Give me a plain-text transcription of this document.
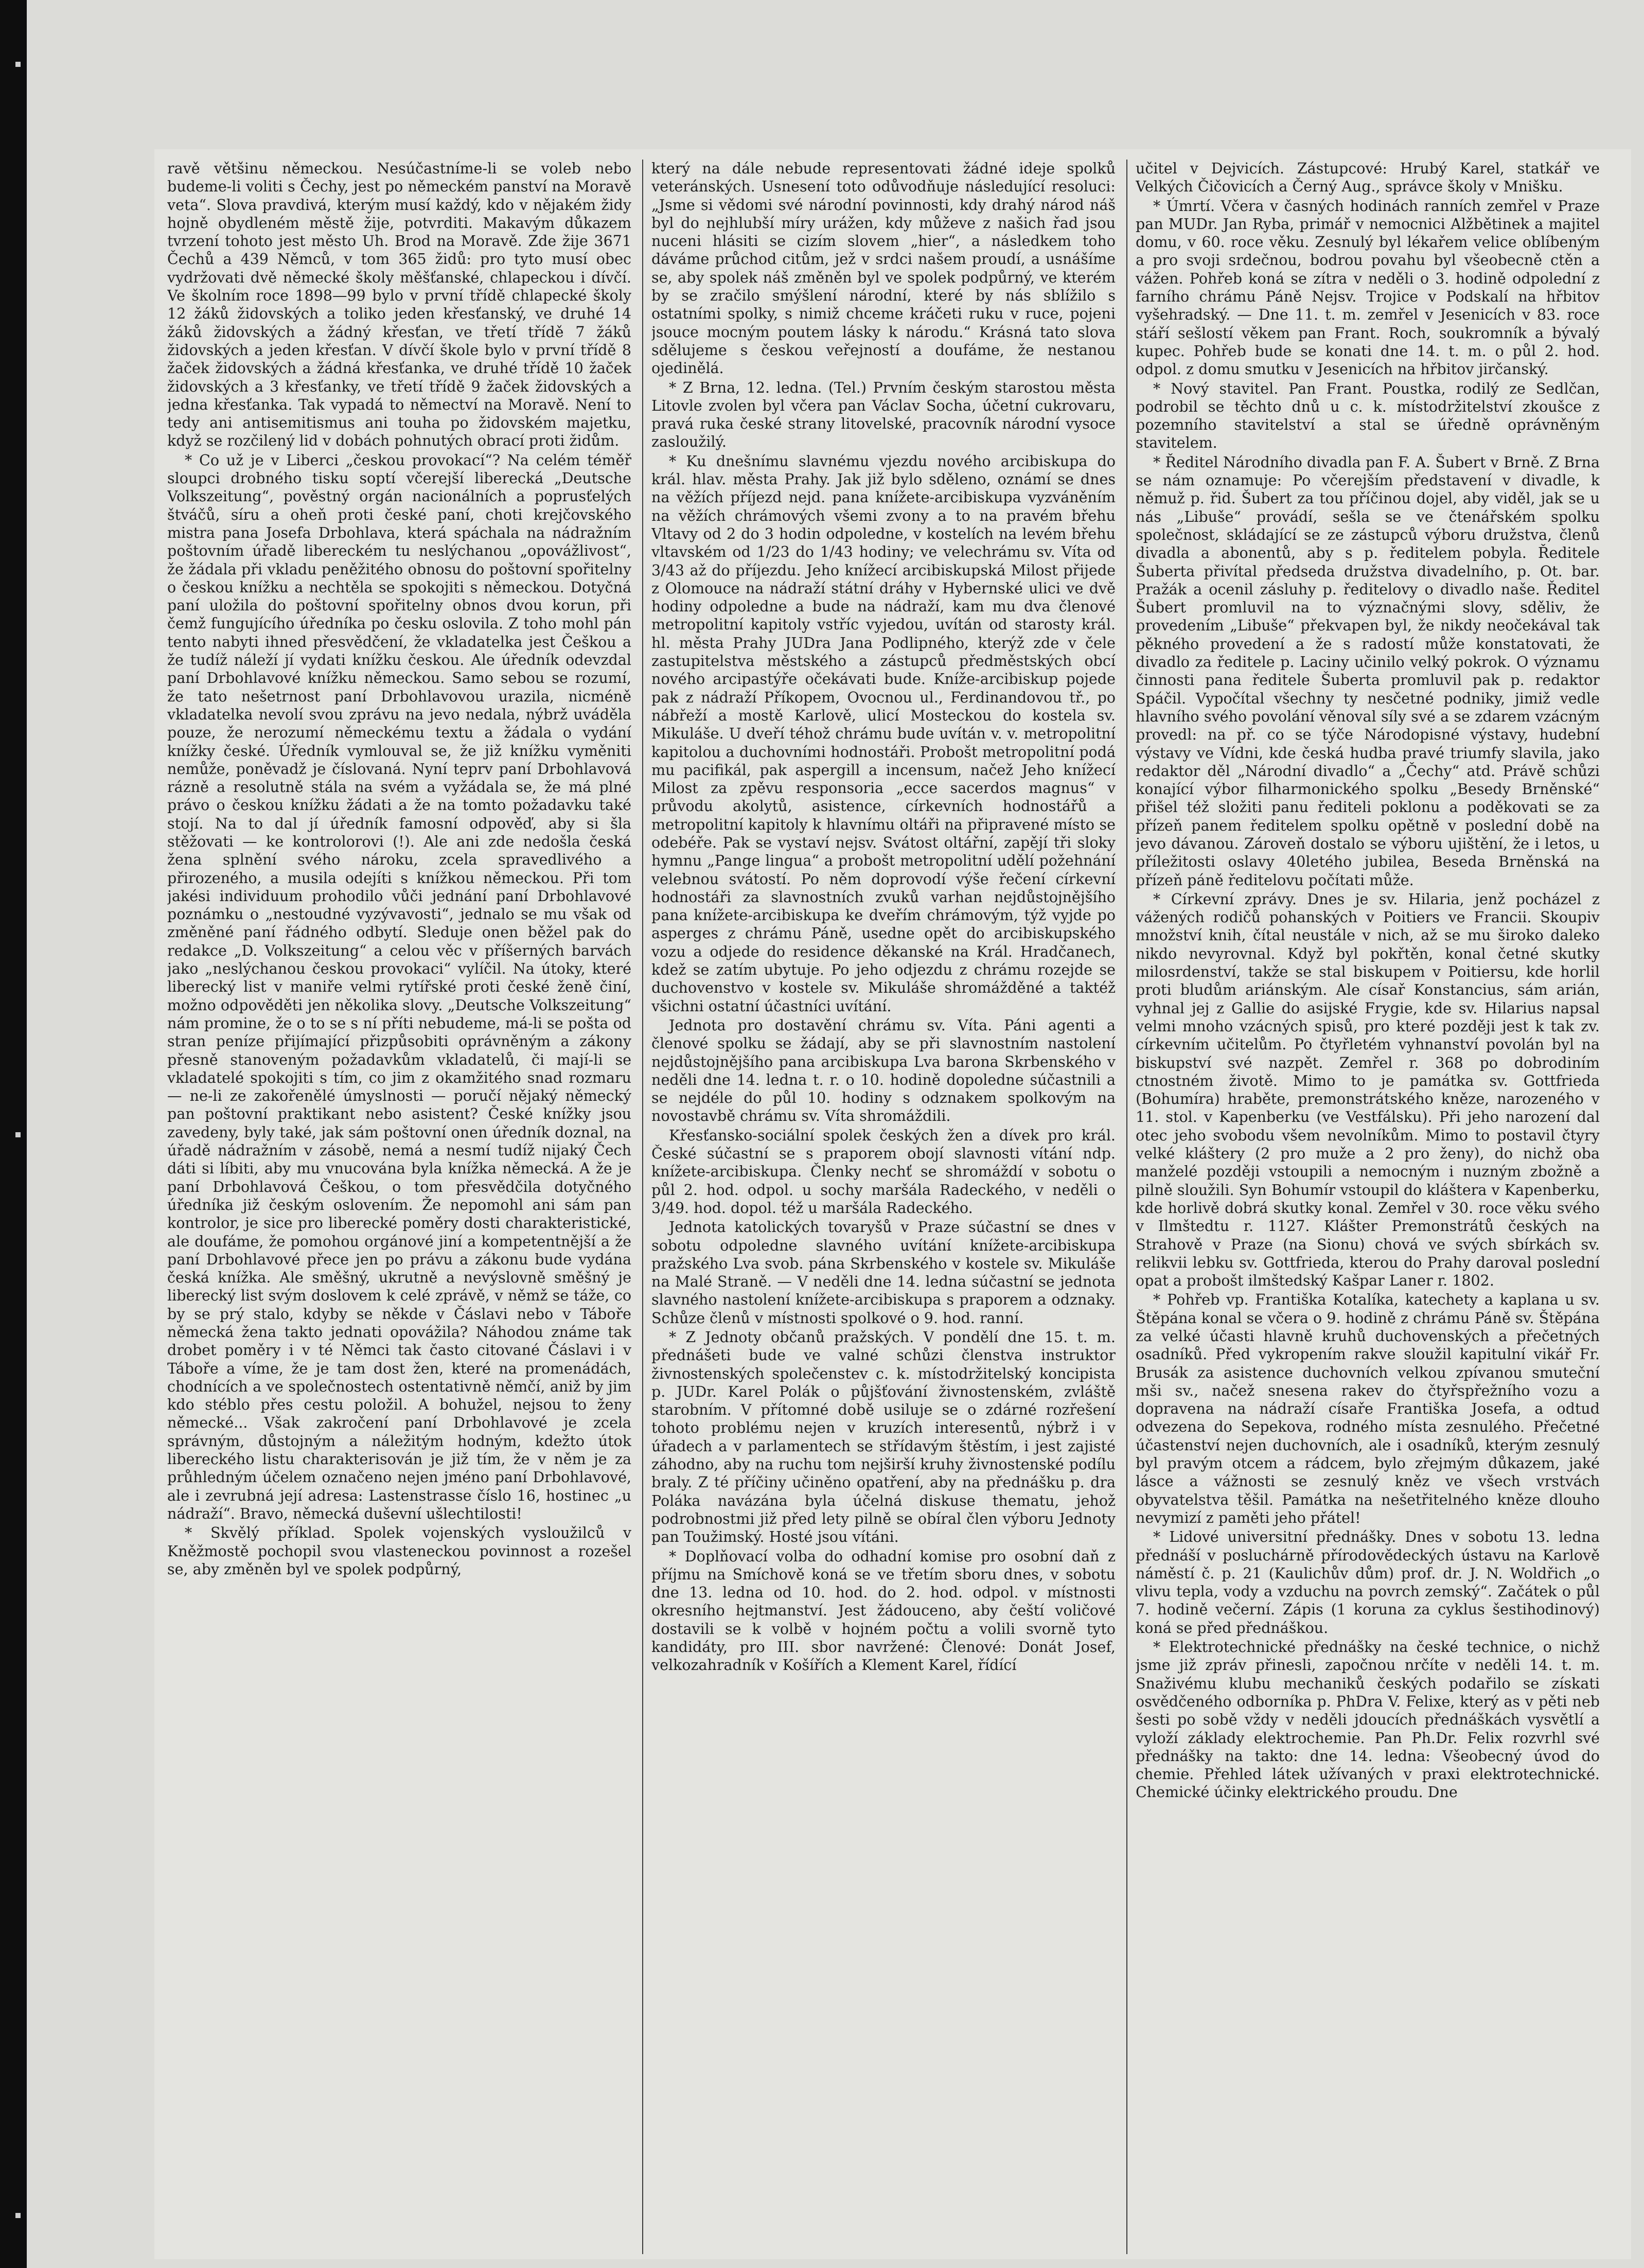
ravě většinu německou. Nesúčastníme-li se voleb nebo budeme-li voliti s Čechy, jest po německém panství na Moravě veta“. Slova pravdivá, kterým musí každý, kdo v nějakém židy hojně obydleném městě žije, potvrditi. Makavým důkazem tvrzení tohoto jest město Uh. Brod na Moravě. Zde žije 3671 Čechů a 439 Němců, v tom 365 židů: pro tyto musí obec vydržovati dvě německé školy měšťanské, chlapeckou i dívčí. Ve školním roce 1898—99 bylo v první třídě chlapecké školy 12 žáků židovských a toliko jeden křesťanský, ve druhé 14 žáků židovských a žádný křesťan, ve třetí třídě 7 žáků židovských a jeden křesťan. V dívčí škole bylo v první třídě 8 žaček židovských a žádná křesťanka, ve druhé třídě 10 žaček židovských a 3 křesťanky, ve třetí třídě 9 žaček židovských a jedna křesťanka. Tak vypadá to němectví na Moravě. Není to tedy ani antisemitismus ani touha po židovském majetku, když se rozčilený lid v dobách pohnutých obrací proti židům.

* Co už je v Liberci „českou provokací“? Na celém téměř sloupci drobného tisku soptí včerejší liberecká „Deutsche Volkszeitung“, pověstný orgán nacionálních a poprusťelých štváčů, síru a oheň proti české paní, choti krejčovského mistra pana Josefa Drbohlava, která spáchala na nádražním poštovním úřadě libereckém tu neslýchanou „opovážlivost“, že žádala při vkladu peněžitého obnosu do poštovní spořitelny o českou knížku a nechtěla se spokojiti s německou. Dotyčná paní uložila do poštovní spořitelny obnos dvou korun, při čemž fungujícího úředníka po česku oslovila. Z toho mohl pán tento nabyti ihned přesvědčení, že vkladatelka jest Češkou a že tudíž náleží jí vydati knížku českou. Ale úředník odevzdal paní Drbohlavové knížku německou. Samo sebou se rozumí, že tato nešetrnost paní Drbohlavovou urazila, nicméně vkladatelka nevolí svou zprávu na jevo nedala, nýbrž uváděla pouze, že nerozumí německému textu a žádala o vydání knížky české. Úředník vymlouval se, že již knížku vyměniti nemůže, poněvadž je číslovaná. Nyní teprv paní Drbohlavová rázně a resolutně stála na svém a vyžádala se, že má plné právo o českou knížku žádati a že na tomto požadavku také stojí. Na to dal jí úředník famosní odpověď, aby si šla stěžovati — ke kontrolorovi (!). Ale ani zde nedošla česká žena splnění svého nároku, zcela spravedlivého a přirozeného, a musila odejíti s knížkou německou. Při tom jakési individuum prohodilo vůči jednání paní Drbohlavové poznámku o „nestoudné vyzývavosti“, jednalo se mu však od změněné paní řádného odbytí. Sleduje onen běžel pak do redakce „D. Volkszeitung“ a celou věc v příšerných barvách jako „neslýchanou českou provokaci“ vylíčil. Na útoky, které liberecký list v maniře velmi rytířské proti české ženě činí, možno odpověděti jen několika slovy. „Deutsche Volkszeitung“ nám promine, že o to se s ní příti nebudeme, má-li se pošta od stran peníze přijímající přizpůsobiti oprávněným a zákony přesně stanoveným požadavkům vkladatelů, či mají-li se vkladatelé spokojiti s tím, co jim z okamžitého snad rozmaru — ne-li ze zakořenělé úmyslnosti — poručí nějaký německý pan poštovní praktikant nebo asistent? České knížky jsou zavedeny, byly také, jak sám poštovní onen úředník doznal, na úřadě nádražním v zásobě, nemá a nesmí tudíž nijaký Čech dáti si líbiti, aby mu vnucována byla knížka německá. A že je paní Drbohlavová Češkou, o tom přesvědčila dotyčného úředníka již českým oslovením. Že nepomohl ani sám pan kontrolor, je sice pro liberecké poměry dosti charakteristické, ale doufáme, že pomohou orgánové jiní a kompetentnější a že paní Drbohlavové přece jen po právu a zákonu bude vydána česká knížka. Ale směšný, ukrutně a nevýslovně směšný je liberecký list svým doslovem k celé zprávě, v němž se táže, co by se prý stalo, kdyby se někde v Čáslavi nebo v Táboře německá žena takto jednati opovážila? Náhodou známe tak drobet poměry i v té Němci tak často citované Čáslavi i v Táboře a víme, že je tam dost žen, které na promenádách, chodnících a ve společnostech ostentativně němčí, aniž by jim kdo stéblo přes cestu položil. A bohužel, nejsou to ženy německé... Však zakročení paní Drbohlavové je zcela správným, důstojným a náležitým hodným, kdežto útok libereckého listu charakterisován je již tím, že v něm je za průhledným účelem označeno nejen jméno paní Drbohlavové, ale i zevrubná její adresa: Lastenstrasse číslo 16, hostinec „u nádraží“. Bravo, německá duševní ušlechtilosti!

* Skvělý příklad. Spolek vojenských vysloužilců v Kněžmostě pochopil svou vlasteneckou povinnost a rozešel se, aby změněn byl ve spolek podpůrný,

který na dále nebude representovati žádné ideje spolků veteránských. Usnesení toto odůvodňuje následující resoluci: „Jsme si vědomi své národní povinnosti, kdy drahý národ náš byl do nejhlubší míry urážen, kdy můževe z našich řad jsou nuceni hlásiti se cizím slovem „hier“, a následkem toho dáváme průchod citům, jež v srdci našem proudí, a usnášíme se, aby spolek náš změněn byl ve spolek podpůrný, ve kterém by se zračilo smýšlení národní, které by nás sblížilo s ostatními spolky, s nimiž chceme kráčeti ruku v ruce, pojeni jsouce mocným poutem lásky k národu.“ Krásná tato slova sdělujeme s českou veřejností a doufáme, že nestanou ojedinělá.

* Z Brna, 12. ledna. (Tel.) Prvním českým starostou města Litovle zvolen byl včera pan Václav Socha, účetní cukrovaru, pravá ruka české strany litovelské, pracovník národní vysoce zasloužilý.

* Ku dnešnímu slavnému vjezdu nového arcibiskupa do král. hlav. města Prahy. Jak již bylo sděleno, oznámí se dnes na věžích příjezd nejd. pana knížete-arcibiskupa vyzváněním na věžích chrámových všemi zvony a to na pravém břehu Vltavy od 2 do 3 hodin odpoledne, v kostelích na levém břehu vltavském od 1/23 do 1/43 hodiny; ve velechrámu sv. Víta od 3/43 až do příjezdu. Jeho knížecí arcibiskupská Milost přijede z Olomouce na nádraží státní dráhy v Hybernské ulici ve dvě hodiny odpoledne a bude na nádraží, kam mu dva členové metropolitní kapitoly vstříc vyjedou, uvítán od starosty král. hl. města Prahy JUDra Jana Podlipného, kterýž zde v čele zastupitelstva městského a zástupců předměstských obcí nového arcipastýře očekávati bude. Kníže-arcibiskup pojede pak z nádraží Příkopem, Ovocnou ul., Ferdinandovou tř., po nábřeží a mostě Karlově, ulicí Mosteckou do kostela sv. Mikuláše. U dveří téhož chrámu bude uvítán v. v. metropolitní kapitolou a duchovními hodnostáři. Probošt metropolitní podá mu pacifikál, pak aspergill a incensum, načež Jeho knížecí Milost za zpěvu responsoria „ecce sacerdos magnus“ v průvodu akolytů, asistence, církevních hodnostářů a metropolitní kapitoly k hlavnímu oltáři na připravené místo se odebéře. Pak se vystaví nejsv. Svátost oltářní, zapějí tři sloky hymnu „Pange lingua“ a probošt metropolitní udělí požehnání velebnou svátostí. Po něm doprovodí výše řečení církevní hodnostáři za slavnostních zvuků varhan nejdůstojnějšího pana knížete-arcibiskupa ke dveřím chrámovým, týž vyjde po asperges z chrámu Páně, usedne opět do arcibiskupského vozu a odjede do residence děkanské na Král. Hradčanech, kdež se zatím ubytuje. Po jeho odjezdu z chrámu rozejde se duchovenstvo v kostele sv. Mikuláše shromážděné a taktéž všichni ostatní účastníci uvítání.

Jednota pro dostavění chrámu sv. Víta. Páni agenti a členové spolku se žádají, aby se při slavnostním nastolení nejdůstojnějšího pana arcibiskupa Lva barona Skrbenského v neděli dne 14. ledna t. r. o 10. hodině dopoledne súčastnili a se nejdéle do půl 10. hodiny s odznakem spolkovým na novostavbě chrámu sv. Víta shromáždili.

Křesťansko-sociální spolek českých žen a dívek pro král. České súčastní se s praporem obojí slavnosti vítání ndp. knížete-arcibiskupa. Členky nechť se shromáždí v sobotu o půl 2. hod. odpol. u sochy maršála Radeckého, v neděli o 3/49. hod. dopol. též u maršála Radeckého.

Jednota katolických tovaryšů v Praze súčastní se dnes v sobotu odpoledne slavného uvítání knížete-arcibiskupa pražského Lva svob. pána Skrbenského v kostele sv. Mikuláše na Malé Straně. — V neděli dne 14. ledna súčastní se jednota slavného nastolení knížete-arcibiskupa s praporem a odznaky. Schůze členů v místnosti spolkové o 9. hod. ranní.

* Z Jednoty občanů pražských. V pondělí dne 15. t. m. přednášeti bude ve valné schůzi členstva instruktor živnostenských společenstev c. k. místodržitelský koncipista p. JUDr. Karel Polák o půjšťování živnostenském, zvláště starobním. V přítomné době usiluje se o zdárné rozřešení tohoto problému nejen v kruzích interesentů, nýbrž i v úřadech a v parlamentech se střídavým štěstím, i jest zajisté záhodno, aby na ruchu tom nejširší kruhy živnostenské podílu braly. Z té příčiny učiněno opatření, aby na přednášku p. dra Poláka navázána byla účelná diskuse thematu, jehož podrobnostmi již před lety pilně se obíral člen výboru Jednoty pan Toužimský. Hosté jsou vítáni.

* Doplňovací volba do odhadní komise pro osobní daň z příjmu na Smíchově koná se ve třetím sboru dnes, v sobotu dne 13. ledna od 10. hod. do 2. hod. odpol. v místnosti okresního hejtmanství. Jest žádouceno, aby čeští voličové dostavili se k volbě v hojném počtu a volili svorně tyto kandidáty, pro III. sbor navržené: Členové: Donát Josef, velkozahradník v Košířích a Klement Karel, řídící

učitel v Dejvicích. Zástupcové: Hrubý Karel, statkář ve Velkých Čičovicích a Černý Aug., správce školy v Mnišku.

* Úmrtí. Včera v časných hodinách ranních zemřel v Praze pan MUDr. Jan Ryba, primář v nemocnici Alžbětinek a majitel domu, v 60. roce věku. Zesnulý byl lékařem velice oblíbeným a pro svoji srdečnou, bodrou povahu byl všeobecně ctěn a vážen. Pohřeb koná se zítra v neděli o 3. hodině odpolední z farního chrámu Páně Nejsv. Trojice v Podskalí na hřbitov vyšehradský. — Dne 11. t. m. zemřel v Jesenicích v 83. roce stáří sešlostí věkem pan Frant. Roch, soukromník a bývalý kupec. Pohřeb bude se konati dne 14. t. m. o půl 2. hod. odpol. z domu smutku v Jesenicích na hřbitov jirčanský.

* Nový stavitel. Pan Frant. Poustka, rodilý ze Sedlčan, podrobil se těchto dnů u c. k. místodržitelství zkoušce z pozemního stavitelství a stal se úředně oprávněným stavitelem.

* Ředitel Národního divadla pan F. A. Šubert v Brně. Z Brna se nám oznamuje: Po včerejším představení v divadle, k němuž p. řid. Šubert za tou příčinou dojel, aby viděl, jak se u nás „Libuše“ provádí, sešla se ve čtenářském spolku společnost, skládající se ze zástupců výboru družstva, členů divadla a abonentů, aby s p. ředitelem pobyla. Ředitele Šuberta přivítal předseda družstva divadelního, p. Ot. bar. Pražák a ocenil zásluhy p. ředitelovy o divadlo naše. Ředitel Šubert promluvil na to význačnými slovy, sděliv, že provedením „Libuše“ překvapen byl, že nikdy neočekával tak pěkného provedení a že s radostí může konstatovati, že divadlo za ředitele p. Laciny učinilo velký pokrok. O významu činnosti pana ředitele Šuberta promluvil pak p. redaktor Spáčil. Vypočítal všechny ty nesčetné podniky, jimiž vedle hlavního svého povolání věnoval síly své a se zdarem vzácným provedl: na př. co se týče Národopisné výstavy, hudební výstavy ve Vídni, kde česká hudba pravé triumfy slavila, jako redaktor děl „Národní divadlo“ a „Čechy“ atd. Právě schůzi konající výbor filharmonického spolku „Besedy Brněnské“ přišel též složiti panu řediteli poklonu a poděkovati se za přízeň panem ředitelem spolku opětně v poslední době na jevo dávanou. Zároveň dostalo se výboru ujištění, že i letos, u příležitosti oslavy 40letého jubilea, Beseda Brněnská na přízeň páně ředitelovu počítati může.

* Církevní zprávy. Dnes je sv. Hilaria, jenž pocházel z vážených rodičů pohanských v Poitiers ve Francii. Skoupiv množství knih, čítal neustále v nich, až se mu široko daleko nikdo nevyrovnal. Když byl pokřtěn, konal četné skutky milosrdenství, takže se stal biskupem v Poitiersu, kde horlil proti bludům ariánským. Ale císař Konstancius, sám arián, vyhnal jej z Gallie do asijské Frygie, kde sv. Hilarius napsal velmi mnoho vzácných spisů, pro které později jest k tak zv. církevním učitelům. Po čtyřletém vyhnanství povolán byl na biskupství své nazpět. Zemřel r. 368 po dobrodiním ctnostném životě. Mimo to je památka sv. Gottfrieda (Bohumíra) hraběte, premonstrátského kněze, narozeného v 11. stol. v Kapenberku (ve Vestfálsku). Při jeho narození dal otec jeho svobodu všem nevolníkům. Mimo to postavil čtyry velké kláštery (2 pro muže a 2 pro ženy), do nichž oba manželé později vstoupili a nemocným i nuzným zbožně a pilně sloužili. Syn Bohumír vstoupil do kláštera v Kapenberku, kde horlivě dobrá skutky konal. Zemřel v 30. roce věku svého v Ilmštedtu r. 1127. Klášter Premonstrátů českých na Strahově v Praze (na Sionu) chová ve svých sbírkách sv. relikvii lebku sv. Gottfrieda, kterou do Prahy daroval poslední opat a probošt ilmštedský Kašpar Laner r. 1802.

* Pohřeb vp. Františka Kotalíka, katechety a kaplana u sv. Štěpána konal se včera o 9. hodině z chrámu Páně sv. Štěpána za velké účasti hlavně kruhů duchovenských a přečetných osadníků. Před vykropením rakve sloužil kapitulní vikář Fr. Brusák za asistence duchovních velkou zpívanou smuteční mši sv., načež snesena rakev do čtyřspřežního vozu a dopravena na nádraží císaře Františka Josefa, a odtud odvezena do Sepekova, rodného místa zesnulého. Přečetné účastenství nejen duchovních, ale i osadníků, kterým zesnulý byl pravým otcem a rádcem, bylo zřejmým důkazem, jaké lásce a vážnosti se zesnulý kněz ve všech vrstvách obyvatelstva těšil. Památka na nešetřitelného kněze dlouho nevymizí z paměti jeho přátel!

* Lidové universitní přednášky. Dnes v sobotu 13. ledna přednáší v posluchárně přírodovědeckých ústavu na Karlově náměstí č. p. 21 (Kaulichův dům) prof. dr. J. N. Woldřich „o vlivu tepla, vody a vzduchu na povrch zemský“. Začátek o půl 7. hodině večerní. Zápis (1 koruna za cyklus šestihodinový) koná se před přednáškou.

* Elektrotechnické přednášky na české technice, o nichž jsme již zpráv přinesli, započnou nrčíte v neděli 14. t. m. Snaživému klubu mechaniků českých podařilo se získati osvědčeného odborníka p. PhDra V. Felixe, který as v pěti neb šesti po sobě vždy v neděli jdoucích přednáškách vysvětlí a vyloží základy elektrochemie. Pan Ph.Dr. Felix rozvrhl své přednášky na takto: dne 14. ledna: Všeobecný úvod do chemie. Přehled látek užívaných v praxi elektrotechnické. Chemické účinky elektrického proudu. Dne
